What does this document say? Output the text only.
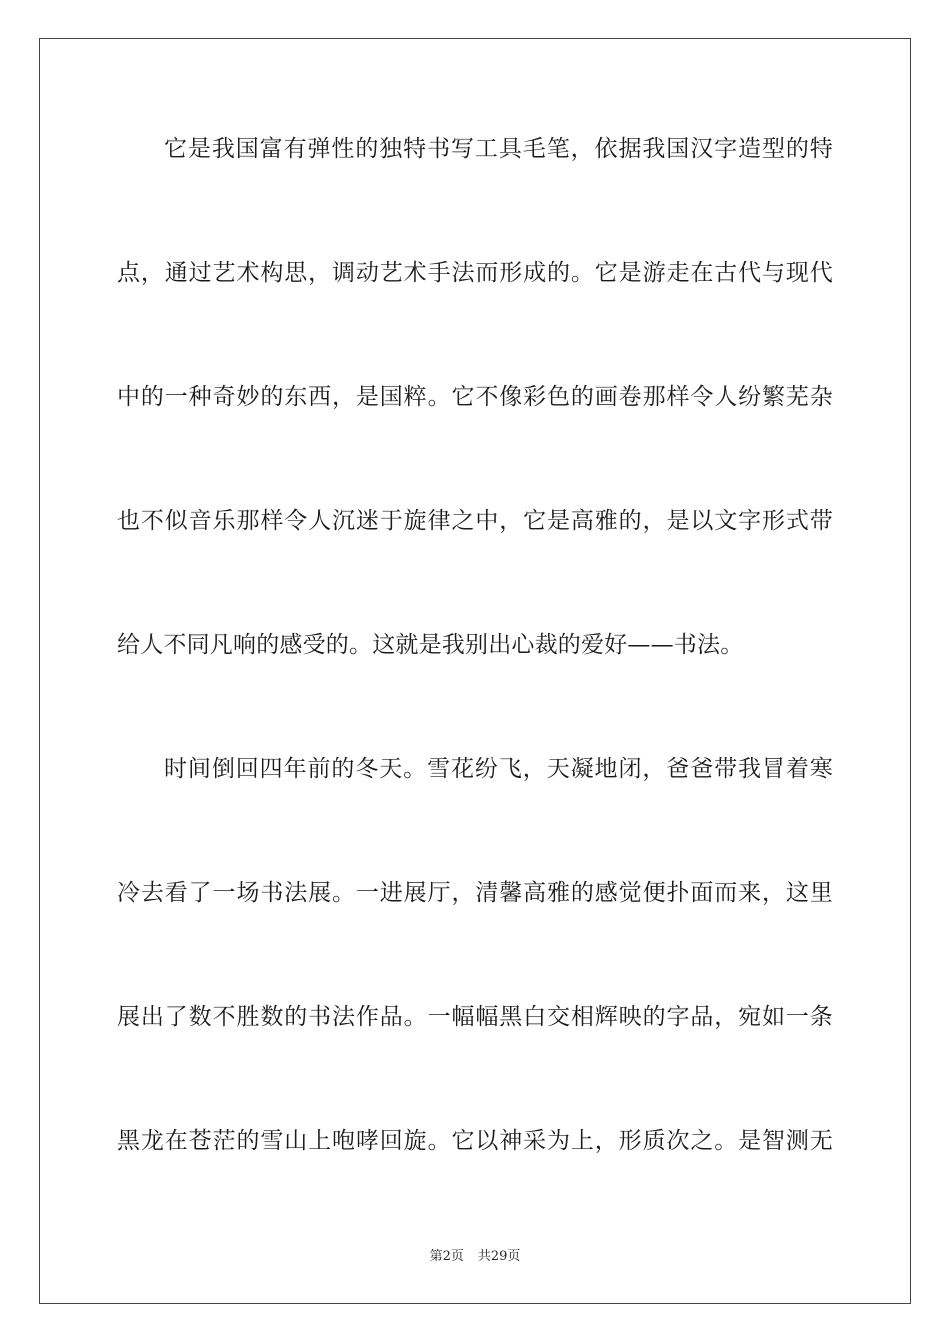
它是我国富有弹性的独特书写工具毛笔，依据我国汉字造型的特
点，通过艺术构思，调动艺术手法而形成的。它是游走在古代与现代
中的一种奇妙的东西，是国粹。它不像彩色的画卷那样令人纷繁芜杂
也不似音乐那样令人沉迷于旋律之中，它是高雅的，是以文字形式带
给人不同凡响的感受的。这就是我别出心裁的爱好——书法。
时间倒回四年前的冬天。雪花纷飞，天凝地闭，爸爸带我冒着寒
冷去看了一场书法展。一进展厅，清馨高雅的感觉便扑面而来，这里
展出了数不胜数的书法作品。一幅幅黑白交相辉映的字品，宛如一条
黑龙在苍茫的雪山上咆哮回旋。它以神采为上，形质次之。是智测无
第2页 共29页
